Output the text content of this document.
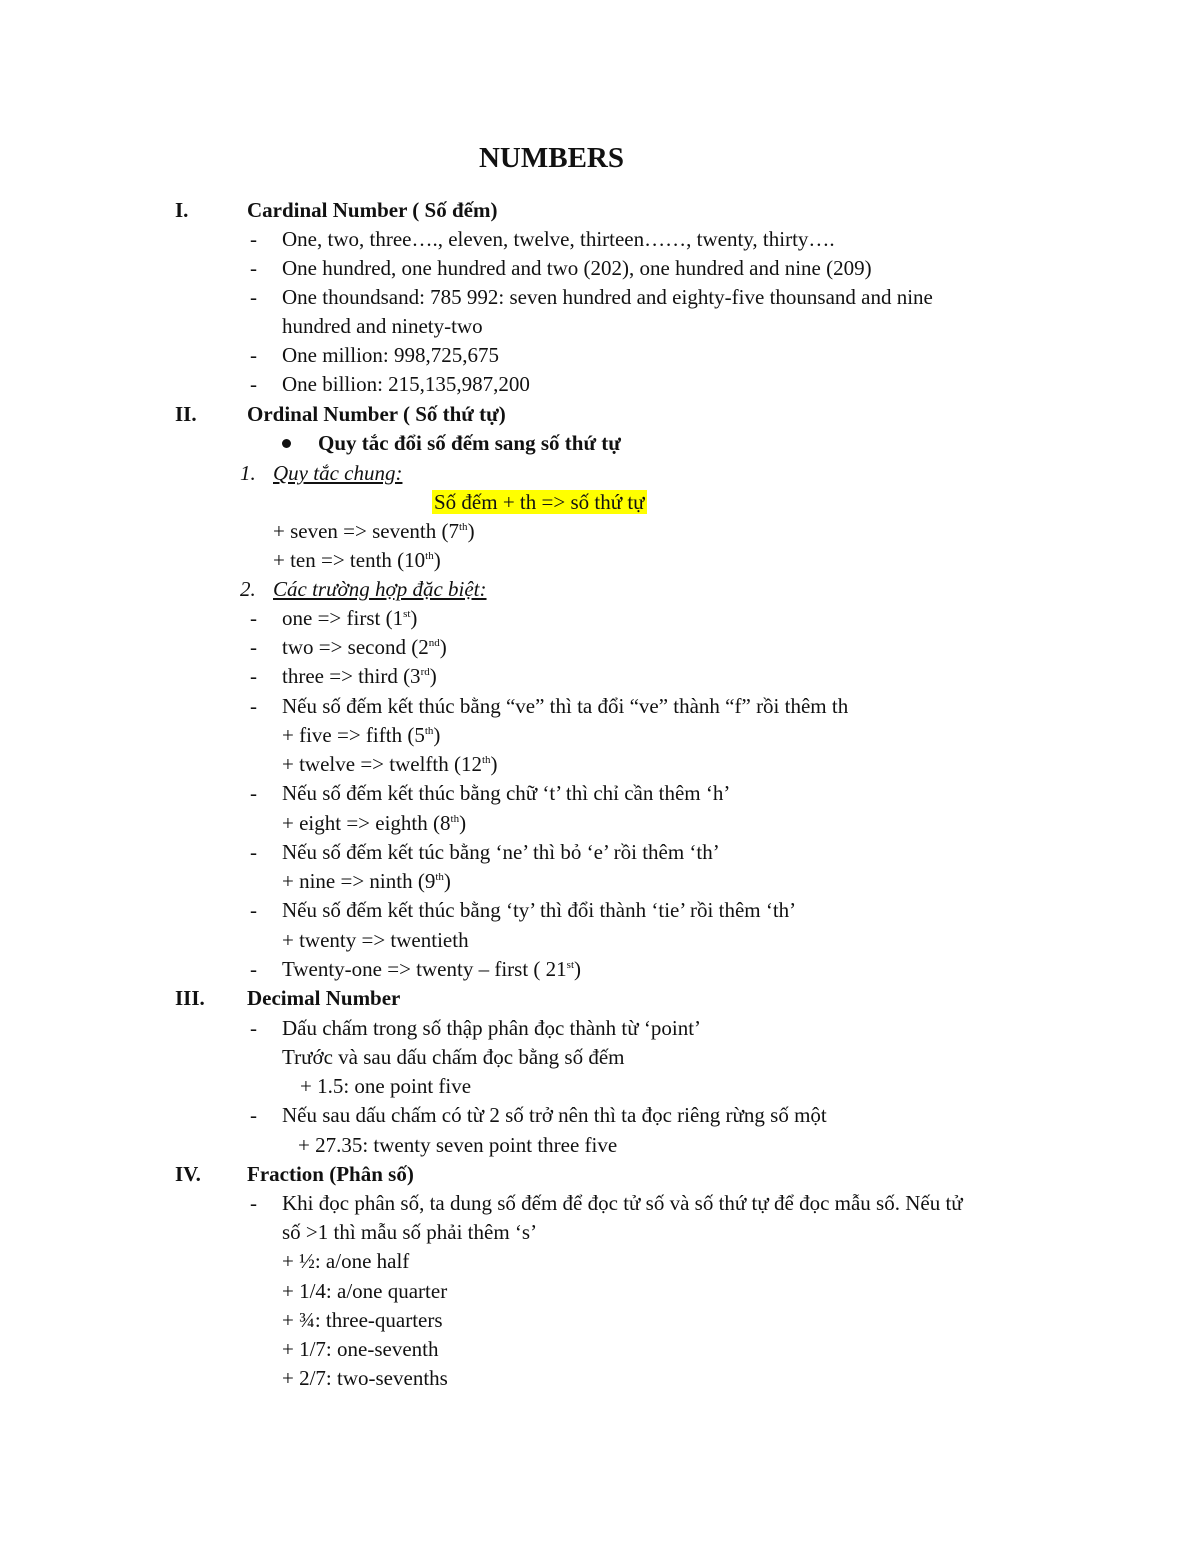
NUMBERS
I.	Cardinal Number ( Số đếm)
- One, two, three…., eleven, twelve, thirteen……, twenty, thirty….
- One hundred, one hundred and two (202), one hundred and nine (209)
- One thoundsand: 785 992: seven hundred and eighty-five thounsand and nine
hundred and ninety-two
- One million: 998,725,675
- One billion: 215,135,987,200
II. Ordinal Number ( Số thứ tự)
Quy tắc đổi số đếm sang số thứ tự
1. Quy tắc chung:
Số đếm + th => số thứ tự
+ seven => seventh (7th)
+ ten => tenth (10th)
2. Các trường hợp đặc biệt:
- one => first (1st)
- two => second (2nd)
- three => third (3rd)
- Nếu số đếm kết thúc bằng “ve” thì ta đổi “ve” thành “f” rồi thêm th
+ five => fifth (5th)
+ twelve => twelfth (12th)
- Nếu số đếm kết thúc bằng chữ ‘t’ thì chỉ cần thêm ‘h’
+ eight => eighth (8th)
- Nếu số đếm kết túc bằng ‘ne’ thì bỏ ‘e’ rồi thêm ‘th’
+ nine => ninth (9th)
- Nếu số đếm kết thúc bằng ‘ty’ thì đổi thành ‘tie’ rồi thêm ‘th’
+ twenty => twentieth
- Twenty-one => twenty – first ( 21st)
III. Decimal Number
- Dấu chấm trong số thập phân đọc thành từ ‘point’
Trước và sau dấu chấm đọc bằng số đếm
+ 1.5: one point five
- Nếu sau dấu chấm có từ 2 số trở nên thì ta đọc riêng rừng số một
+ 27.35: twenty seven point three five
IV. Fraction (Phân số)
- Khi đọc phân số, ta dung số đếm để đọc tử số và số thứ tự để đọc mẫu số. Nếu tử
số >1 thì mẫu số phải thêm ‘s’
+ ½: a/one half
+ 1/4: a/one quarter
+ ¾: three-quarters
+ 1/7: one-seventh
+ 2/7: two-sevenths
